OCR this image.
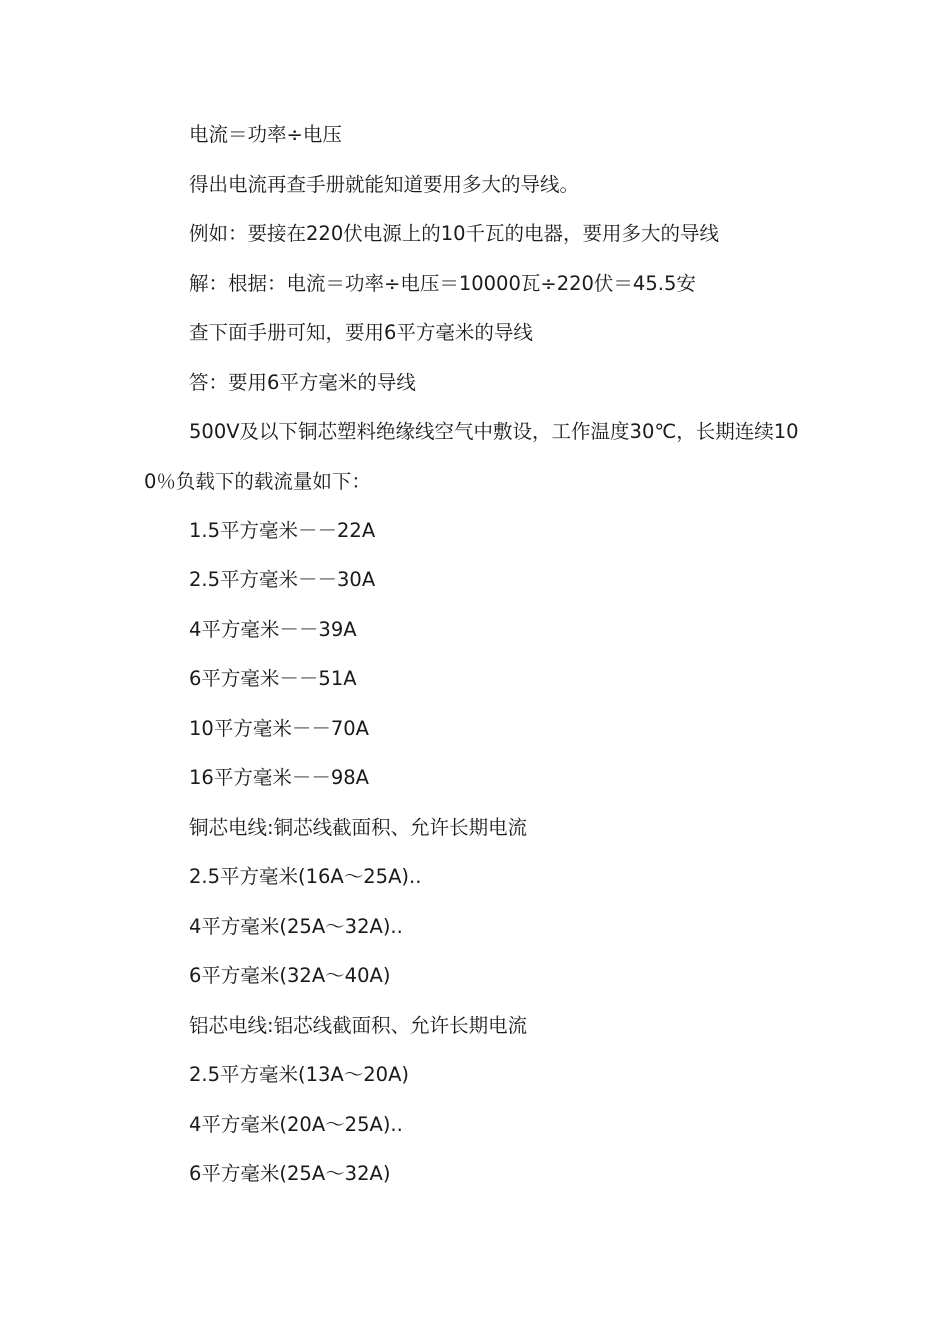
电流＝功率÷电压

得出电流再查手册就能知道要用多大的导线。

例如：要接在220伏电源上的10千瓦的电器，要用多大的导线

解：根据：电流＝功率÷电压＝10000瓦÷220伏＝45.5安

查下面手册可知，要用6平方毫米的导线

答：要用6平方毫米的导线

500V及以下铜芯塑料绝缘线空气中敷设，工作温度30℃，长期连续100％负载下的载流量如下：

1.5平方毫米－－22A

2.5平方毫米－－30A

4平方毫米－－39A

6平方毫米－－51A

10平方毫米－－70A

16平方毫米－－98A

铜芯电线:铜芯线截面积、允许长期电流

2.5平方毫米(16A～25A)..

4平方毫米(25A～32A)..

6平方毫米(32A～40A)

铝芯电线:铝芯线截面积、允许长期电流

2.5平方毫米(13A～20A)

4平方毫米(20A～25A)..

6平方毫米(25A～32A)
